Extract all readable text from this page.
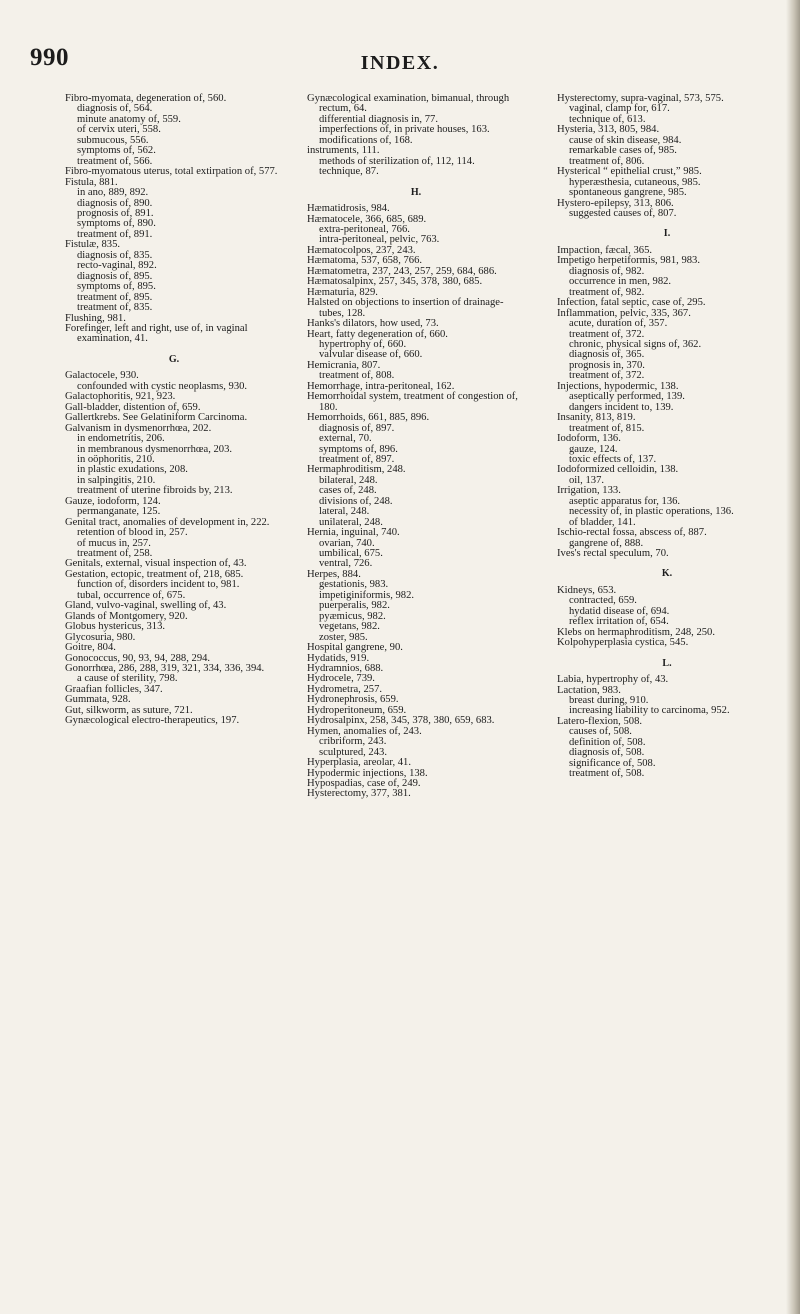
990	INDEX.
Fibro-myomata, degeneration of, 560.
diagnosis of, 564.
minute anatomy of, 559.
of cervix uteri, 558.
submucous, 556.
symptoms of, 562.
treatment of, 566.
Fibro-myomatous uterus, total extirpation of, 577.
Fistula, 881.
in ano, 889, 892.
diagnosis of, 890.
prognosis of, 891.
symptoms of, 890.
treatment of, 891.
Fistulæ, 835.
diagnosis of, 835.
recto-vaginal, 892.
diagnosis of, 895.
symptoms of, 895.
treatment of, 895.
treatment of, 835.
Flushing, 981.
Forefinger, left and right, use of, in vaginal examination, 41.
G.
Galactocele, 930.
confounded with cystic neoplasms, 930.
Galactophoritis, 921, 923.
Gall-bladder, distention of, 659.
Gallertkrebs. See Gelatiniform Carcinoma.
Galvanism in dysmenorrhœa, 202.
in endometritis, 206.
in membranous dysmenorrhœa, 203.
in oöphoritis, 210.
in plastic exudations, 208.
in salpingitis, 210.
treatment of uterine fibroids by, 213.
Gauze, iodoform, 124.
permanganate, 125.
Genital tract, anomalies of development in, 222.
retention of blood in, 257.
of mucus in, 257.
treatment of, 258.
Genitals, external, visual inspection of, 43.
Gestation, ectopic, treatment of, 218, 685.
function of, disorders incident to, 981.
tubal, occurrence of, 675.
Gland, vulvo-vaginal, swelling of, 43.
Glands of Montgomery, 920.
Globus hystericus, 313.
Glycosuria, 980.
Goitre, 804.
Gonococcus, 90, 93, 94, 288, 294.
Gonorrhœa, 286, 288, 319, 321, 334, 336, 394.
a cause of sterility, 798.
Graafian follicles, 347.
Gummata, 928.
Gut, silkworm, as suture, 721.
Gynæcological electro-therapeutics, 197.
Gynæcological examination, bimanual, through rectum, 64.
differential diagnosis in, 77.
imperfections of, in private houses, 163.
modifications of, 168.
instruments, 111.
methods of sterilization of, 112, 114.
technique, 87.
H.
Hæmatidrosis, 984.
Hæmatocele, 366, 685, 689.
extra-peritoneal, 766.
intra-peritoneal, pelvic, 763.
Hæmatocolpos, 237, 243.
Hæmatoma, 537, 658, 766.
Hæmatometra, 237, 243, 257, 259, 684, 686.
Hæmatosalpinx, 257, 345, 378, 380, 685.
Hæmaturia, 829.
Halsted on objections to insertion of drainage-tubes, 128.
Hanks's dilators, how used, 73.
Heart, fatty degeneration of, 660.
hypertrophy of, 660.
valvular disease of, 660.
Hemicrania, 807.
treatment of, 808.
Hemorrhage, intra-peritoneal, 162.
Hemorrhoidal system, treatment of congestion of, 180.
Hemorrhoids, 661, 885, 896.
diagnosis of, 897.
external, 70.
symptoms of, 896.
treatment of, 897.
Hermaphroditism, 248.
bilateral, 248.
cases of, 248.
divisions of, 248.
lateral, 248.
unilateral, 248.
Hernia, inguinal, 740.
ovarian, 740.
umbilical, 675.
ventral, 726.
Herpes, 884.
gestationis, 983.
impetiginiformis, 982.
puerperalis, 982.
pyæmicus, 982.
vegetans, 982.
zoster, 985.
Hospital gangrene, 90.
Hydatids, 919.
Hydramnios, 688.
Hydrocele, 739.
Hydrometra, 257.
Hydronephrosis, 659.
Hydroperitoneum, 659.
Hydrosalpinx, 258, 345, 378, 380, 659, 683.
Hymen, anomalies of, 243.
cribriform, 243.
sculptured, 243.
Hyperplasia, areolar, 41.
Hypodermic injections, 138.
Hypospadias, case of, 249.
Hysterectomy, 377, 381.
Hysterectomy, supra-vaginal, 573, 575.
vaginal, clamp for, 617.
technique of, 613.
Hysteria, 313, 805, 984.
cause of skin disease, 984.
remarkable cases of, 985.
treatment of, 806.
Hysterical “ epithelial crust,” 985.
hyperæsthesia, cutaneous, 985.
spontaneous gangrene, 985.
Hystero-epilepsy, 313, 806.
suggested causes of, 807.
I.
Impaction, fæcal, 365.
Impetigo herpetiformis, 981, 983.
diagnosis of, 982.
occurrence in men, 982.
treatment of, 982.
Infection, fatal septic, case of, 295.
Inflammation, pelvic, 335, 367.
acute, duration of, 357.
treatment of, 372.
chronic, physical signs of, 362.
diagnosis of, 365.
prognosis in, 370.
treatment of, 372.
Injections, hypodermic, 138.
aseptically performed, 139.
dangers incident to, 139.
Insanity, 813, 819.
treatment of, 815.
Iodoform, 136.
gauze, 124.
toxic effects of, 137.
Iodoformized celloidin, 138.
oil, 137.
Irrigation, 133.
aseptic apparatus for, 136.
necessity of, in plastic operations, 136.
of bladder, 141.
Ischio-rectal fossa, abscess of, 887.
gangrene of, 888.
Ives's rectal speculum, 70.
K.
Kidneys, 653.
contracted, 659.
hydatid disease of, 694.
reflex irritation of, 654.
Klebs on hermaphroditism, 248, 250.
Kolpohyperplasia cystica, 545.
L.
Labia, hypertrophy of, 43.
Lactation, 983.
breast during, 910.
increasing liability to carcinoma, 952.
Latero-flexion, 508.
causes of, 508.
definition of, 508.
diagnosis of, 508.
significance of, 508.
treatment of, 508.
